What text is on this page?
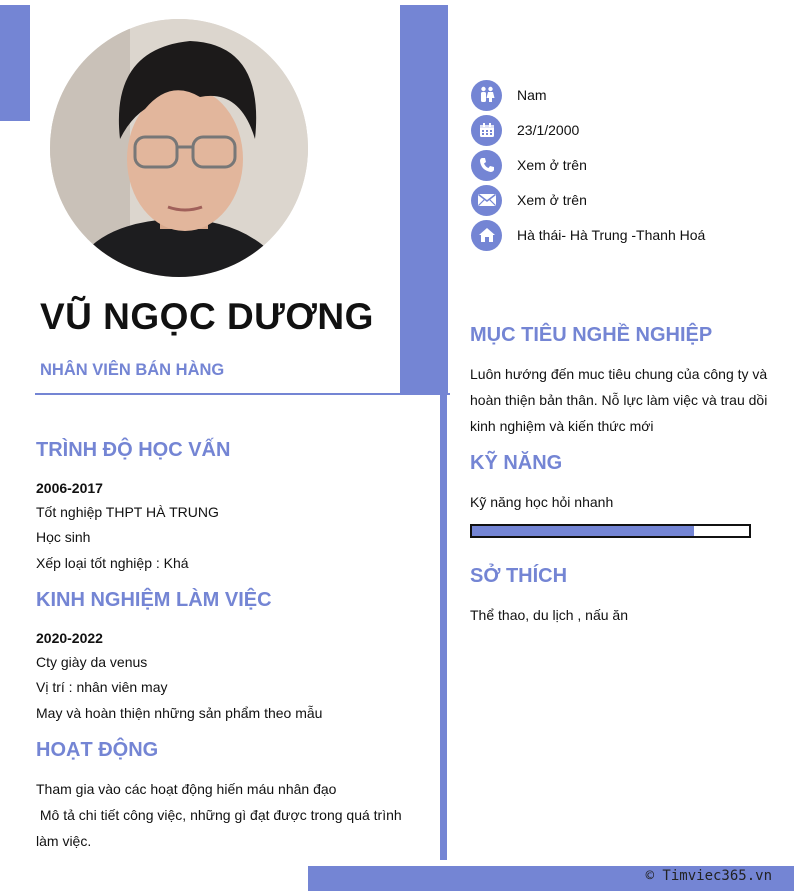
© Timviec365.vn
VŨ NGỌC DƯƠNG
NHÂN VIÊN BÁN HÀNG
Nam
23/1/2000
Xem ở trên
Xem ở trên
Hà thái- Hà Trung -Thanh Hoá
TRÌNH ĐỘ HỌC VẤN
2006-2017
Tốt nghiệp THPT HÀ TRUNG
Học sinh
Xếp loại tốt nghiệp : Khá
KINH NGHIỆM LÀM VIỆC
2020-2022
Cty giày da venus
Vị trí : nhân viên may
May và hoàn thiện những sản phẩm theo mẫu
HOẠT ĐỘNG
Tham gia vào các hoạt động hiến máu nhân đạo
Mô tả chi tiết công việc, những gì đạt được trong quá trình làm việc.
MỤC TIÊU NGHỀ NGHIỆP
Luôn hướng đến muc tiêu chung của công ty và hoàn thiện bản thân. Nỗ lực làm việc và trau dồi kinh nghiệm và kiến thức mới
KỸ NĂNG
Kỹ năng học hỏi nhanh
SỞ THÍCH
Thể thao, du lịch , nấu ăn
